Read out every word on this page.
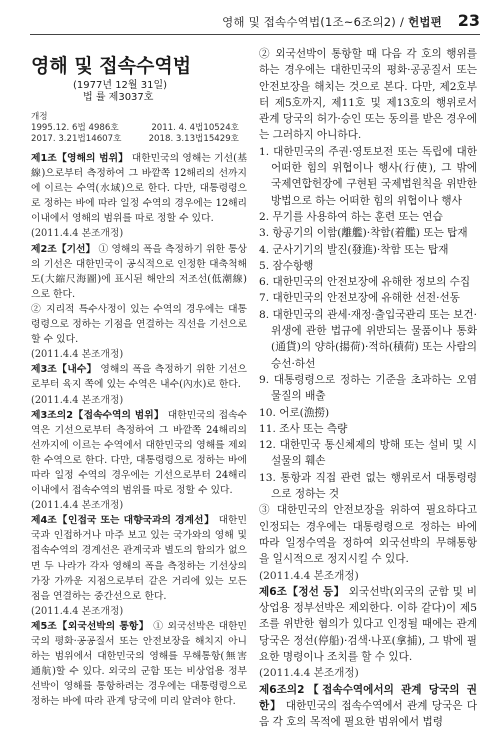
영해 및 접속수역법(1조~6조의2) / 헌법편 23
영해 및 접속수역법
(1977년 12월 31일)
법 률 제3037호
개정
1995.12. 6법 4986호	2011. 4. 4법10524호
2017. 3.21법14607호	2018. 3.13법15429호
제1조【영해의 범위】 대한민국의 영해는 기선(基線)으로부터 측정하여 그 바깥쪽 12해리의 선까지에 이르는 수역(水域)으로 한다. 다만, 대통령령으로 정하는 바에 따라 일정 수역의 경우에는 12해리 이내에서 영해의 범위를 따로 정할 수 있다.
(2011.4.4 본조개정)
제2조【기선】 ① 영해의 폭을 측정하기 위한 통상의 기선은 대한민국이 공식적으로 인정한 대축척해도(大縮尺海圖)에 표시된 해안의 저조선(低潮線)으로 한다.
② 지리적 특수사정이 있는 수역의 경우에는 대통령령으로 정하는 기점을 연결하는 직선을 기선으로 할 수 있다.
(2011.4.4 본조개정)
제3조【내수】 영해의 폭을 측정하기 위한 기선으로부터 육지 쪽에 있는 수역은 내수(內水)로 한다.
(2011.4.4 본조개정)
제3조의2【접속수역의 범위】 대한민국의 접속수역은 기선으로부터 측정하여 그 바깥쪽 24해리의 선까지에 이르는 수역에서 대한민국의 영해를 제외한 수역으로 한다. 다만, 대통령령으로 정하는 바에 따라 일정 수역의 경우에는 기선으로부터 24해리 이내에서 접속수역의 범위를 따로 정할 수 있다.
(2011.4.4 본조개정)
제4조【인접국 또는 대향국과의 경계선】 대한민국과 인접하거나 마주 보고 있는 국가와의 영해 및 접속수역의 경계선은 관계국과 별도의 합의가 없으면 두 나라가 각자 영해의 폭을 측정하는 기선상의 가장 가까운 지점으로부터 같은 거리에 있는 모든 점을 연결하는 중간선으로 한다.
(2011.4.4 본조개정)
제5조【외국선박의 통항】 ① 외국선박은 대한민국의 평화·공공질서 또는 안전보장을 해치지 아니하는 범위에서 대한민국의 영해를 무해통항(無害通航)할 수 있다. 외국의 군함 또는 비상업용 정부선박이 영해를 통항하려는 경우에는 대통령령으로 정하는 바에 따라 관계 당국에 미리 알려야 한다.
② 외국선박이 통항할 때 다음 각 호의 행위를 하는 경우에는 대한민국의 평화·공공질서 또는 안전보장을 해치는 것으로 본다. 다만, 제2호부터 제5호까지, 제11호 및 제13호의 행위로서 관계 당국의 허가·승인 또는 동의를 받은 경우에는 그러하지 아니하다.
1. 대한민국의 주권·영토보전 또는 독립에 대한 어떠한 힘의 위협이나 행사(行使), 그 밖에 국제연합헌장에 구현된 국제법원칙을 위반한 방법으로 하는 어떠한 힘의 위협이나 행사
2. 무기를 사용하여 하는 훈련 또는 연습
3. 항공기의 이함(離艦)·착함(着艦) 또는 탑재
4. 군사기기의 발진(發進)·착함 또는 탑재
5. 잠수항행
6. 대한민국의 안전보장에 유해한 정보의 수집
7. 대한민국의 안전보장에 유해한 선전·선동
8. 대한민국의 관세·재정·출입국관리 또는 보건·위생에 관한 법규에 위반되는 물품이나 통화(通貨)의 양하(揚荷)·적하(積荷) 또는 사람의 승선·하선
9. 대통령령으로 정하는 기준을 초과하는 오염물질의 배출
10. 어로(漁撈)
11. 조사 또는 측량
12. 대한민국 통신체제의 방해 또는 설비 및 시설물의 훼손
13. 통항과 직접 관련 없는 행위로서 대통령령으로 정하는 것
③ 대한민국의 안전보장을 위하여 필요하다고 인정되는 경우에는 대통령령으로 정하는 바에 따라 일정수역을 정하여 외국선박의 무해통항을 일시적으로 정지시킬 수 있다.
(2011.4.4 본조개정)
제6조【정선 등】 외국선박(외국의 군함 및 비상업용 정부선박은 제외한다. 이하 같다)이 제5조를 위반한 혐의가 있다고 인정될 때에는 관계 당국은 정선(停船)·검색·나포(拿捕), 그 밖에 필요한 명령이나 조치를 할 수 있다.
(2011.4.4 본조개정)
제6조의2【접속수역에서의 관계 당국의 권한】 대한민국의 접속수역에서 관계 당국은 다음 각 호의 목적에 필요한 범위에서 법령
